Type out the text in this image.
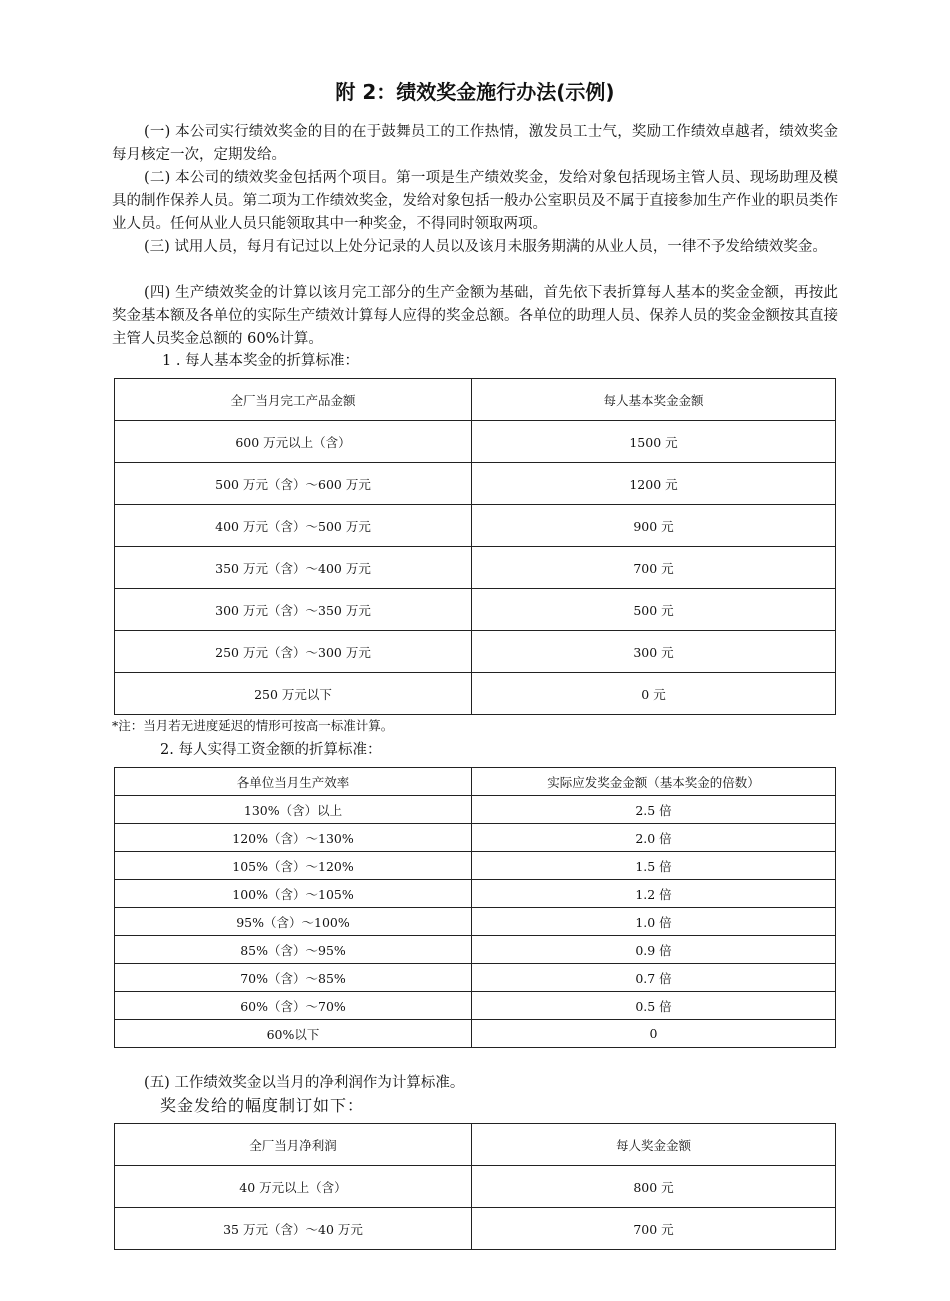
附 2：绩效奖金施行办法(示例)
(一) 本公司实行绩效奖金的目的在于鼓舞员工的工作热情，激发员工士气，奖励工作绩效卓越者，绩效奖金每月核定一次，定期发给。
(二) 本公司的绩效奖金包括两个项目。第一项是生产绩效奖金，发给对象包括现场主管人员、现场助理及模具的制作保养人员。第二项为工作绩效奖金，发给对象包括一般办公室职员及不属于直接参加生产作业的职员类作业人员。任何从业人员只能领取其中一种奖金，不得同时领取两项。
(三) 试用人员，每月有记过以上处分记录的人员以及该月未服务期满的从业人员，一律不予发给绩效奖金。
(四) 生产绩效奖金的计算以该月完工部分的生产金额为基础，首先依下表折算每人基本的奖金金额，再按此奖金基本额及各单位的实际生产绩效计算每人应得的奖金总额。各单位的助理人员、保养人员的奖金金额按其直接主管人员奖金总额的 60%计算。
1 . 每人基本奖金的折算标准：
全厂当月完工产品金额	每人基本奖金金额
600 万元以上（含）	1500 元
500 万元（含）～600 万元	1200 元
400 万元（含）～500 万元	900 元
350 万元（含）～400 万元	700 元
300 万元（含）～350 万元	500 元
250 万元（含）～300 万元	300 元
250 万元以下	0 元
*注：当月若无进度延迟的情形可按高一标准计算。
2. 每人实得工资金额的折算标准：
各单位当月生产效率	实际应发奖金金额（基本奖金的倍数）
130%（含）以上	2.5 倍
120%（含）～130%	2.0 倍
105%（含）～120%	1.5 倍
100%（含）～105%	1.2 倍
95%（含）～100%	1.0 倍
85%（含）～95%	0.9 倍
70%（含）～85%	0.7 倍
60%（含）～70%	0.5 倍
60%以下	0
(五) 工作绩效奖金以当月的净利润作为计算标准。
奖金发给的幅度制订如下：
全厂当月净利润	每人奖金金额
40 万元以上（含）	800 元
35 万元（含）～40 万元	700 元
